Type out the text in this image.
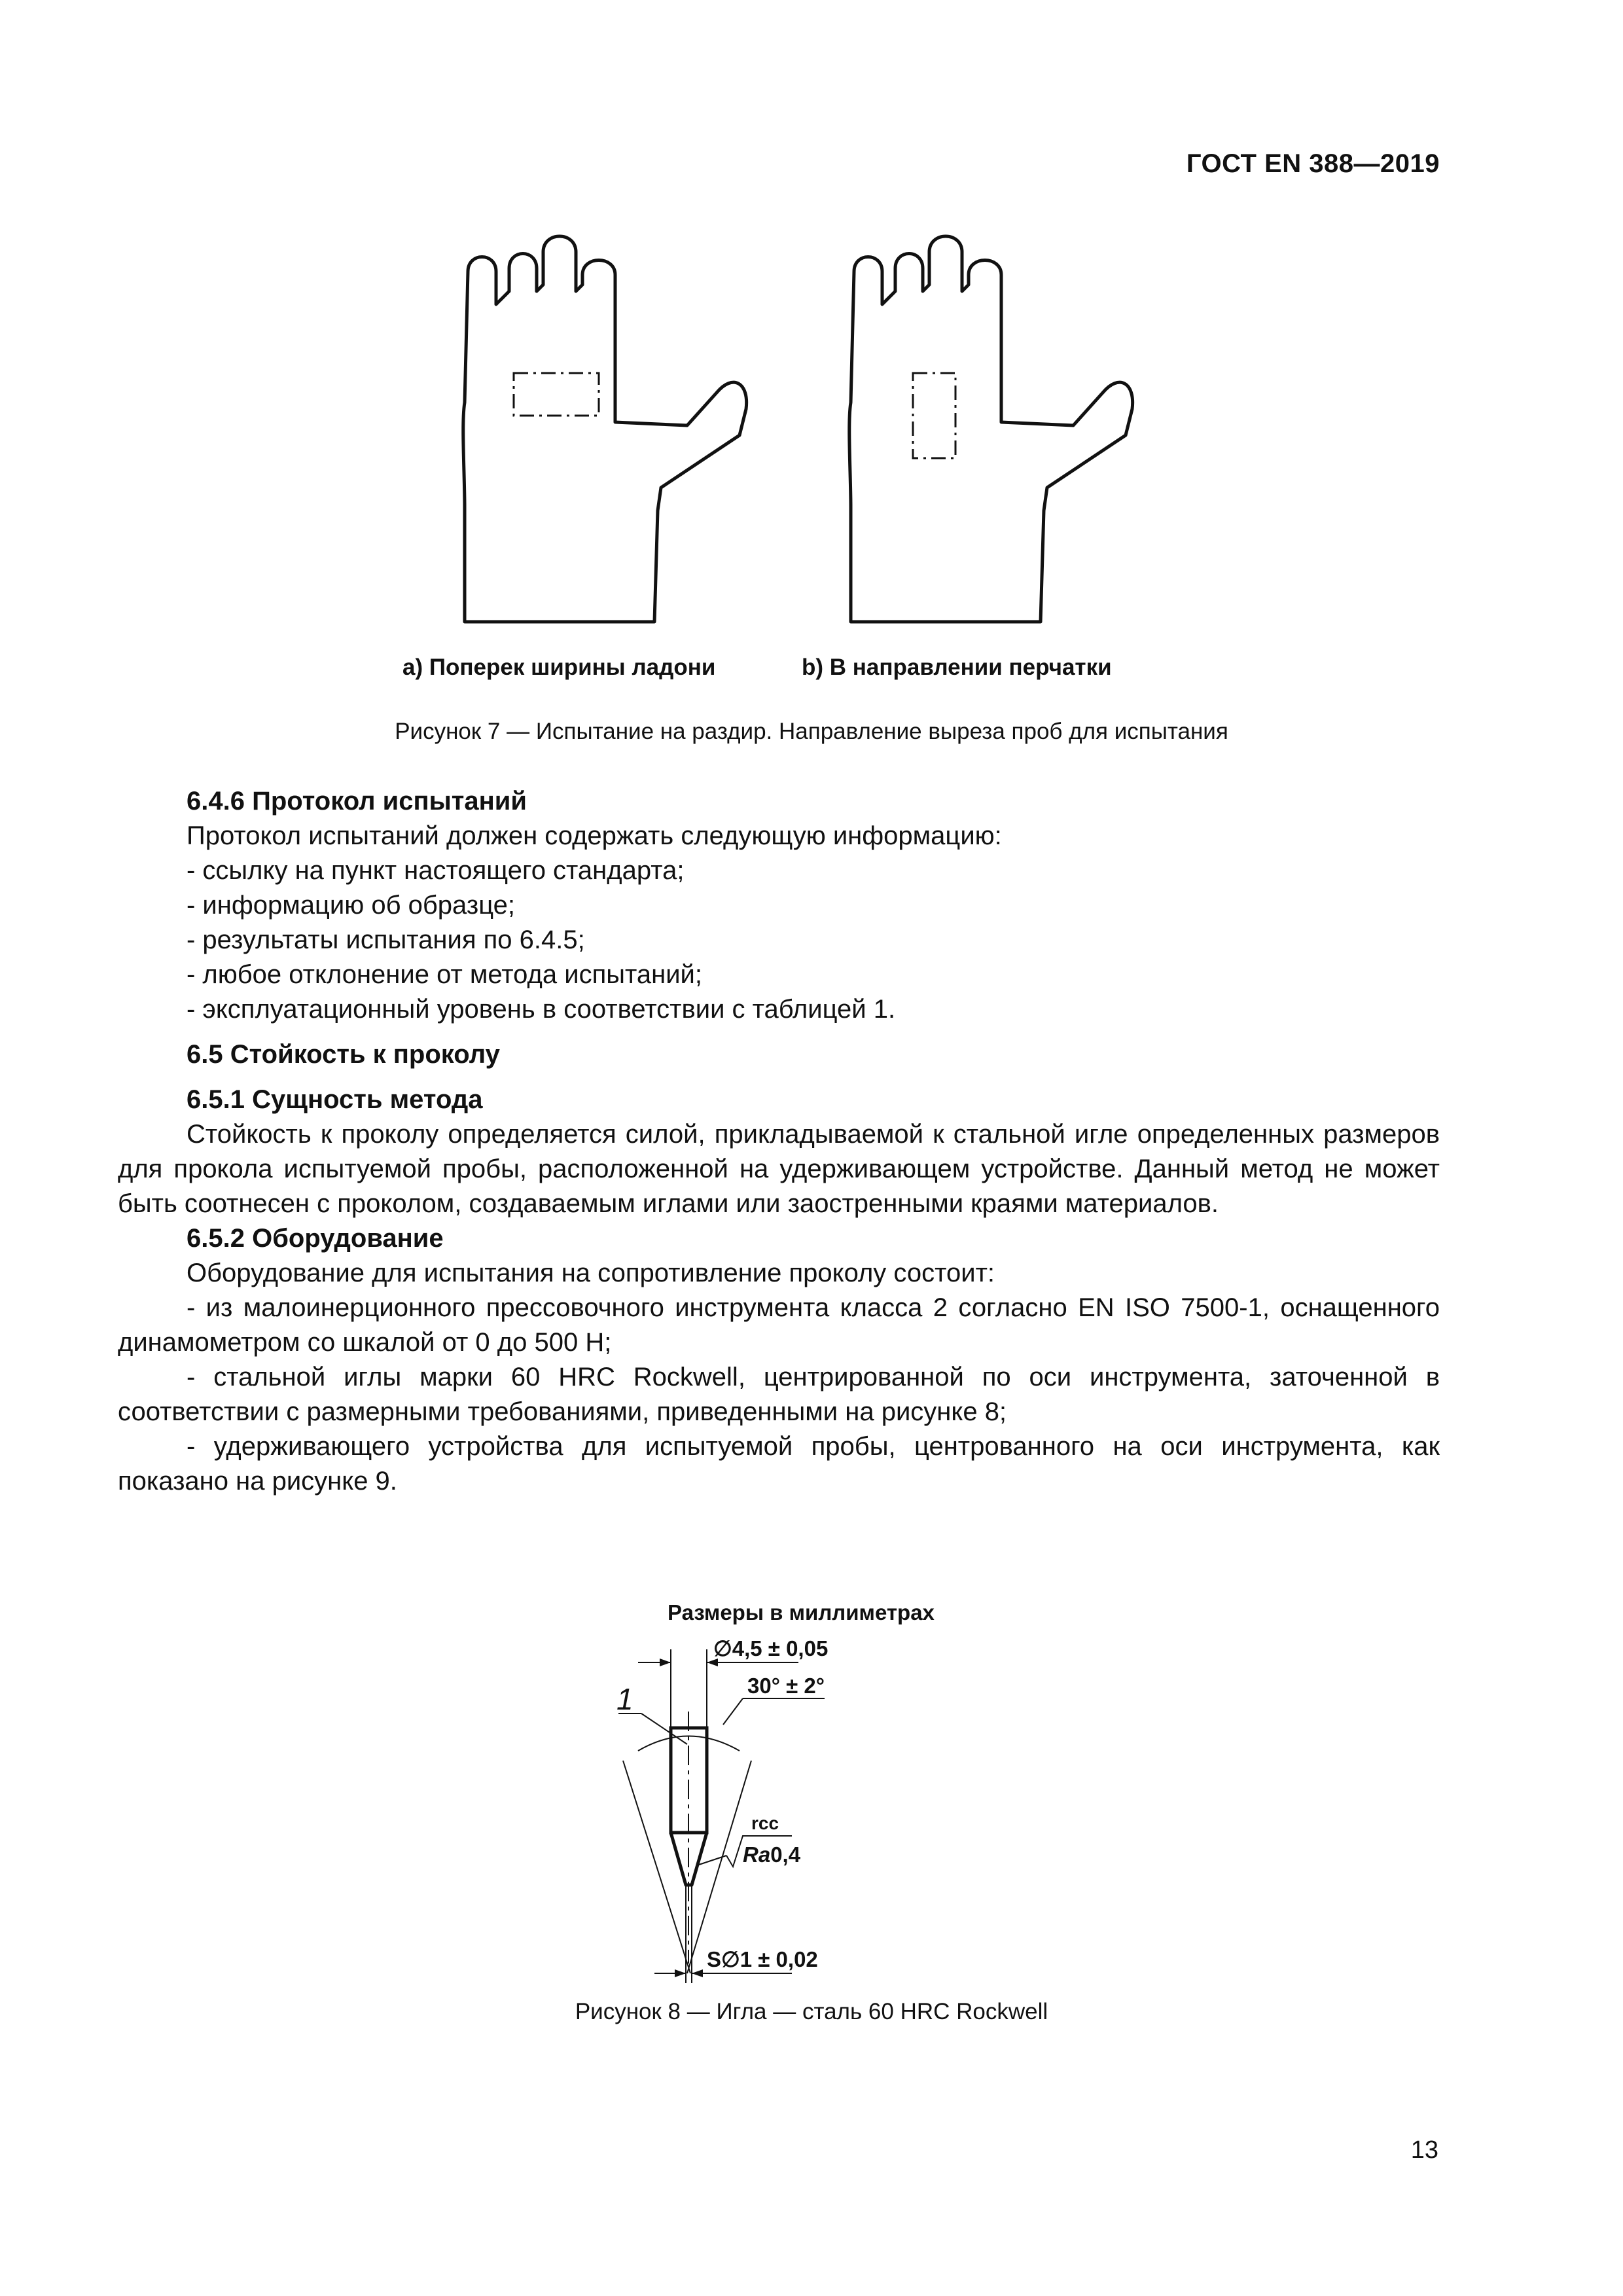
ГОСТ EN 388—2019
а) Поперек ширины ладони	b) В направлении перчатки
Рисунок 7 — Испытание на раздир. Направление выреза проб для испытания
6.4.6 Протокол испытаний
Протокол испытаний должен содержать следующую информацию:
- ссылку на пункт настоящего стандарта;
- информацию об образце;
- результаты испытания по 6.4.5;
- любое отклонение от метода испытаний;
- эксплуатационный уровень в соответствии с таблицей 1.
6.5 Стойкость к проколу
6.5.1 Сущность метода
Стойкость к проколу определяется силой, прикладываемой к стальной игле определенных размеров для прокола испытуемой пробы, расположенной на удерживающем устройстве. Данный метод не может быть соотнесен с проколом, создаваемым иглами или заостренными краями материалов.
6.5.2 Оборудование
Оборудование для испытания на сопротивление проколу состоит:
- из малоинерционного прессовочного инструмента класса 2 согласно EN ISO 7500-1, оснащенного динамометром со шкалой от 0 до 500 Н;
- стальной иглы марки 60 HRC Rockwell, центрированной по оси инструмента, заточенной в соответствии с размерными требованиями, приведенными на рисунке 8;
- удерживающего устройства для испытуемой пробы, центрованного на оси инструмента, как показано на рисунке 9.
Размеры в миллиметрах
∅4,5 ± 0,05
30° ± 2°
1
rcc
Ra0,4
S∅1 ± 0,02
Рисунок 8 — Игла — сталь 60 HRC Rockwell
13
